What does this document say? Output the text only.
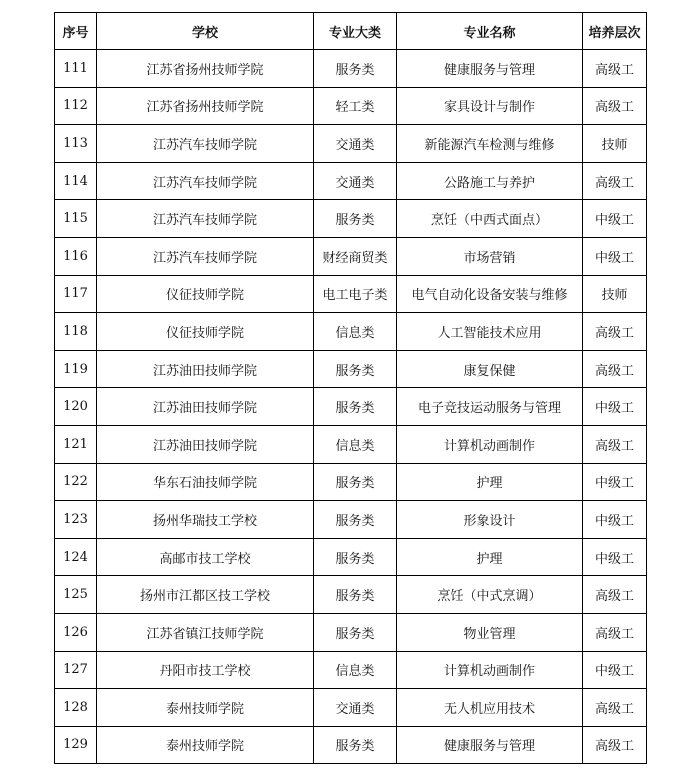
序号	学校	专业大类	专业名称	培养层次
111	江苏省扬州技师学院	服务类	健康服务与管理	高级工
112	江苏省扬州技师学院	轻工类	家具设计与制作	高级工
113	江苏汽车技师学院	交通类	新能源汽车检测与维修	技师
114	江苏汽车技师学院	交通类	公路施工与养护	高级工
115	江苏汽车技师学院	服务类	烹饪（中西式面点）	中级工
116	江苏汽车技师学院	财经商贸类	市场营销	中级工
117	仪征技师学院	电工电子类	电气自动化设备安装与维修	技师
118	仪征技师学院	信息类	人工智能技术应用	高级工
119	江苏油田技师学院	服务类	康复保健	高级工
120	江苏油田技师学院	服务类	电子竞技运动服务与管理	中级工
121	江苏油田技师学院	信息类	计算机动画制作	高级工
122	华东石油技师学院	服务类	护理	中级工
123	扬州华瑞技工学校	服务类	形象设计	中级工
124	高邮市技工学校	服务类	护理	中级工
125	扬州市江都区技工学校	服务类	烹饪（中式烹调）	高级工
126	江苏省镇江技师学院	服务类	物业管理	高级工
127	丹阳市技工学校	信息类	计算机动画制作	中级工
128	泰州技师学院	交通类	无人机应用技术	高级工
129	泰州技师学院	服务类	健康服务与管理	高级工
